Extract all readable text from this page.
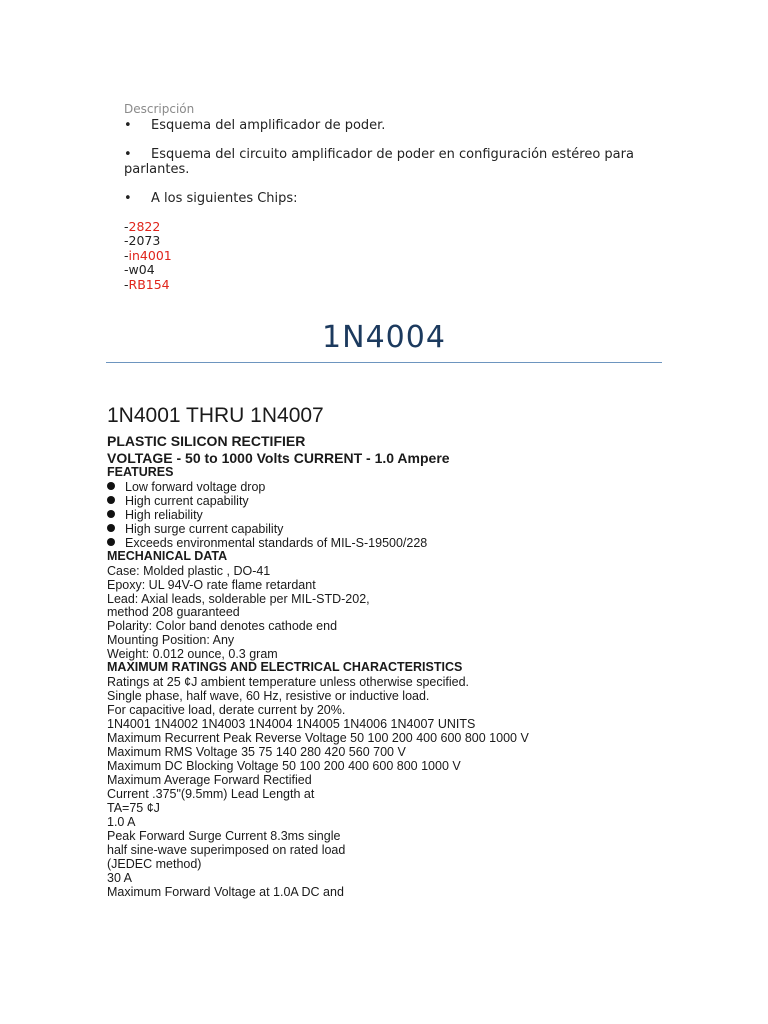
Descripción
• Esquema del amplificador de poder.
• Esquema del circuito amplificador de poder en configuración estéreo para
parlantes.
• A los siguientes Chips:
-2822
-2073
-in4001
-w04
-RB154
1N4004
1N4001 THRU 1N4007
PLASTIC SILICON RECTIFIER
VOLTAGE - 50 to 1000 Volts CURRENT - 1.0 Ampere
FEATURES
Low forward voltage drop
High current capability
High reliability
High surge current capability
Exceeds environmental standards of MIL-S-19500/228
MECHANICAL DATA
Case: Molded plastic , DO-41
Epoxy: UL 94V-O rate flame retardant
Lead: Axial leads, solderable per MIL-STD-202,
method 208 guaranteed
Polarity: Color band denotes cathode end
Mounting Position: Any
Weight: 0.012 ounce, 0.3 gram
MAXIMUM RATINGS AND ELECTRICAL CHARACTERISTICS
Ratings at 25 ¢J ambient temperature unless otherwise specified.
Single phase, half wave, 60 Hz, resistive or inductive load.
For capacitive load, derate current by 20%.
1N4001 1N4002 1N4003 1N4004 1N4005 1N4006 1N4007 UNITS
Maximum Recurrent Peak Reverse Voltage 50 100 200 400 600 800 1000 V
Maximum RMS Voltage 35 75 140 280 420 560 700 V
Maximum DC Blocking Voltage 50 100 200 400 600 800 1000 V
Maximum Average Forward Rectified
Current .375"(9.5mm) Lead Length at
TA=75 ¢J
1.0 A
Peak Forward Surge Current 8.3ms single
half sine-wave superimposed on rated load
(JEDEC method)
30 A
Maximum Forward Voltage at 1.0A DC and
